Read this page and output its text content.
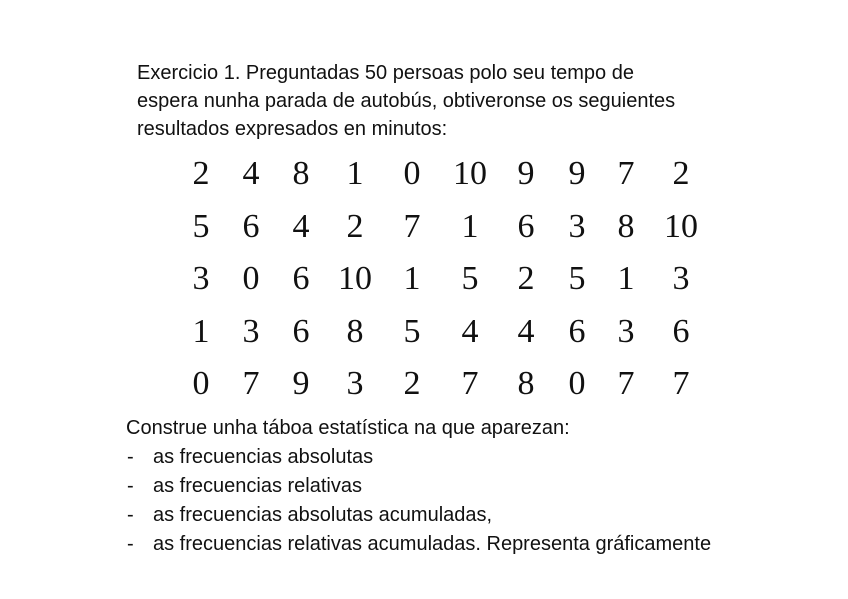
Exercicio 1. Preguntadas 50 persoas polo seu tempo de
espera nunha parada de autobús, obtiveronse os seguientes
resultados expresados en minutos:
2	4	8	1	0	10	9	9	7	2
5	6	4	2	7	1	6	3	8	10
3	0	6	10	1	5	2	5	1	3
1	3	6	8	5	4	4	6	3	6
0	7	9	3	2	7	8	0	7	7
Construe unha táboa estatística na que aparezan:
- as frecuencias absolutas
- as frecuencias relativas
- as frecuencias absolutas acumuladas,
- as frecuencias relativas acumuladas. Representa gráficamente
